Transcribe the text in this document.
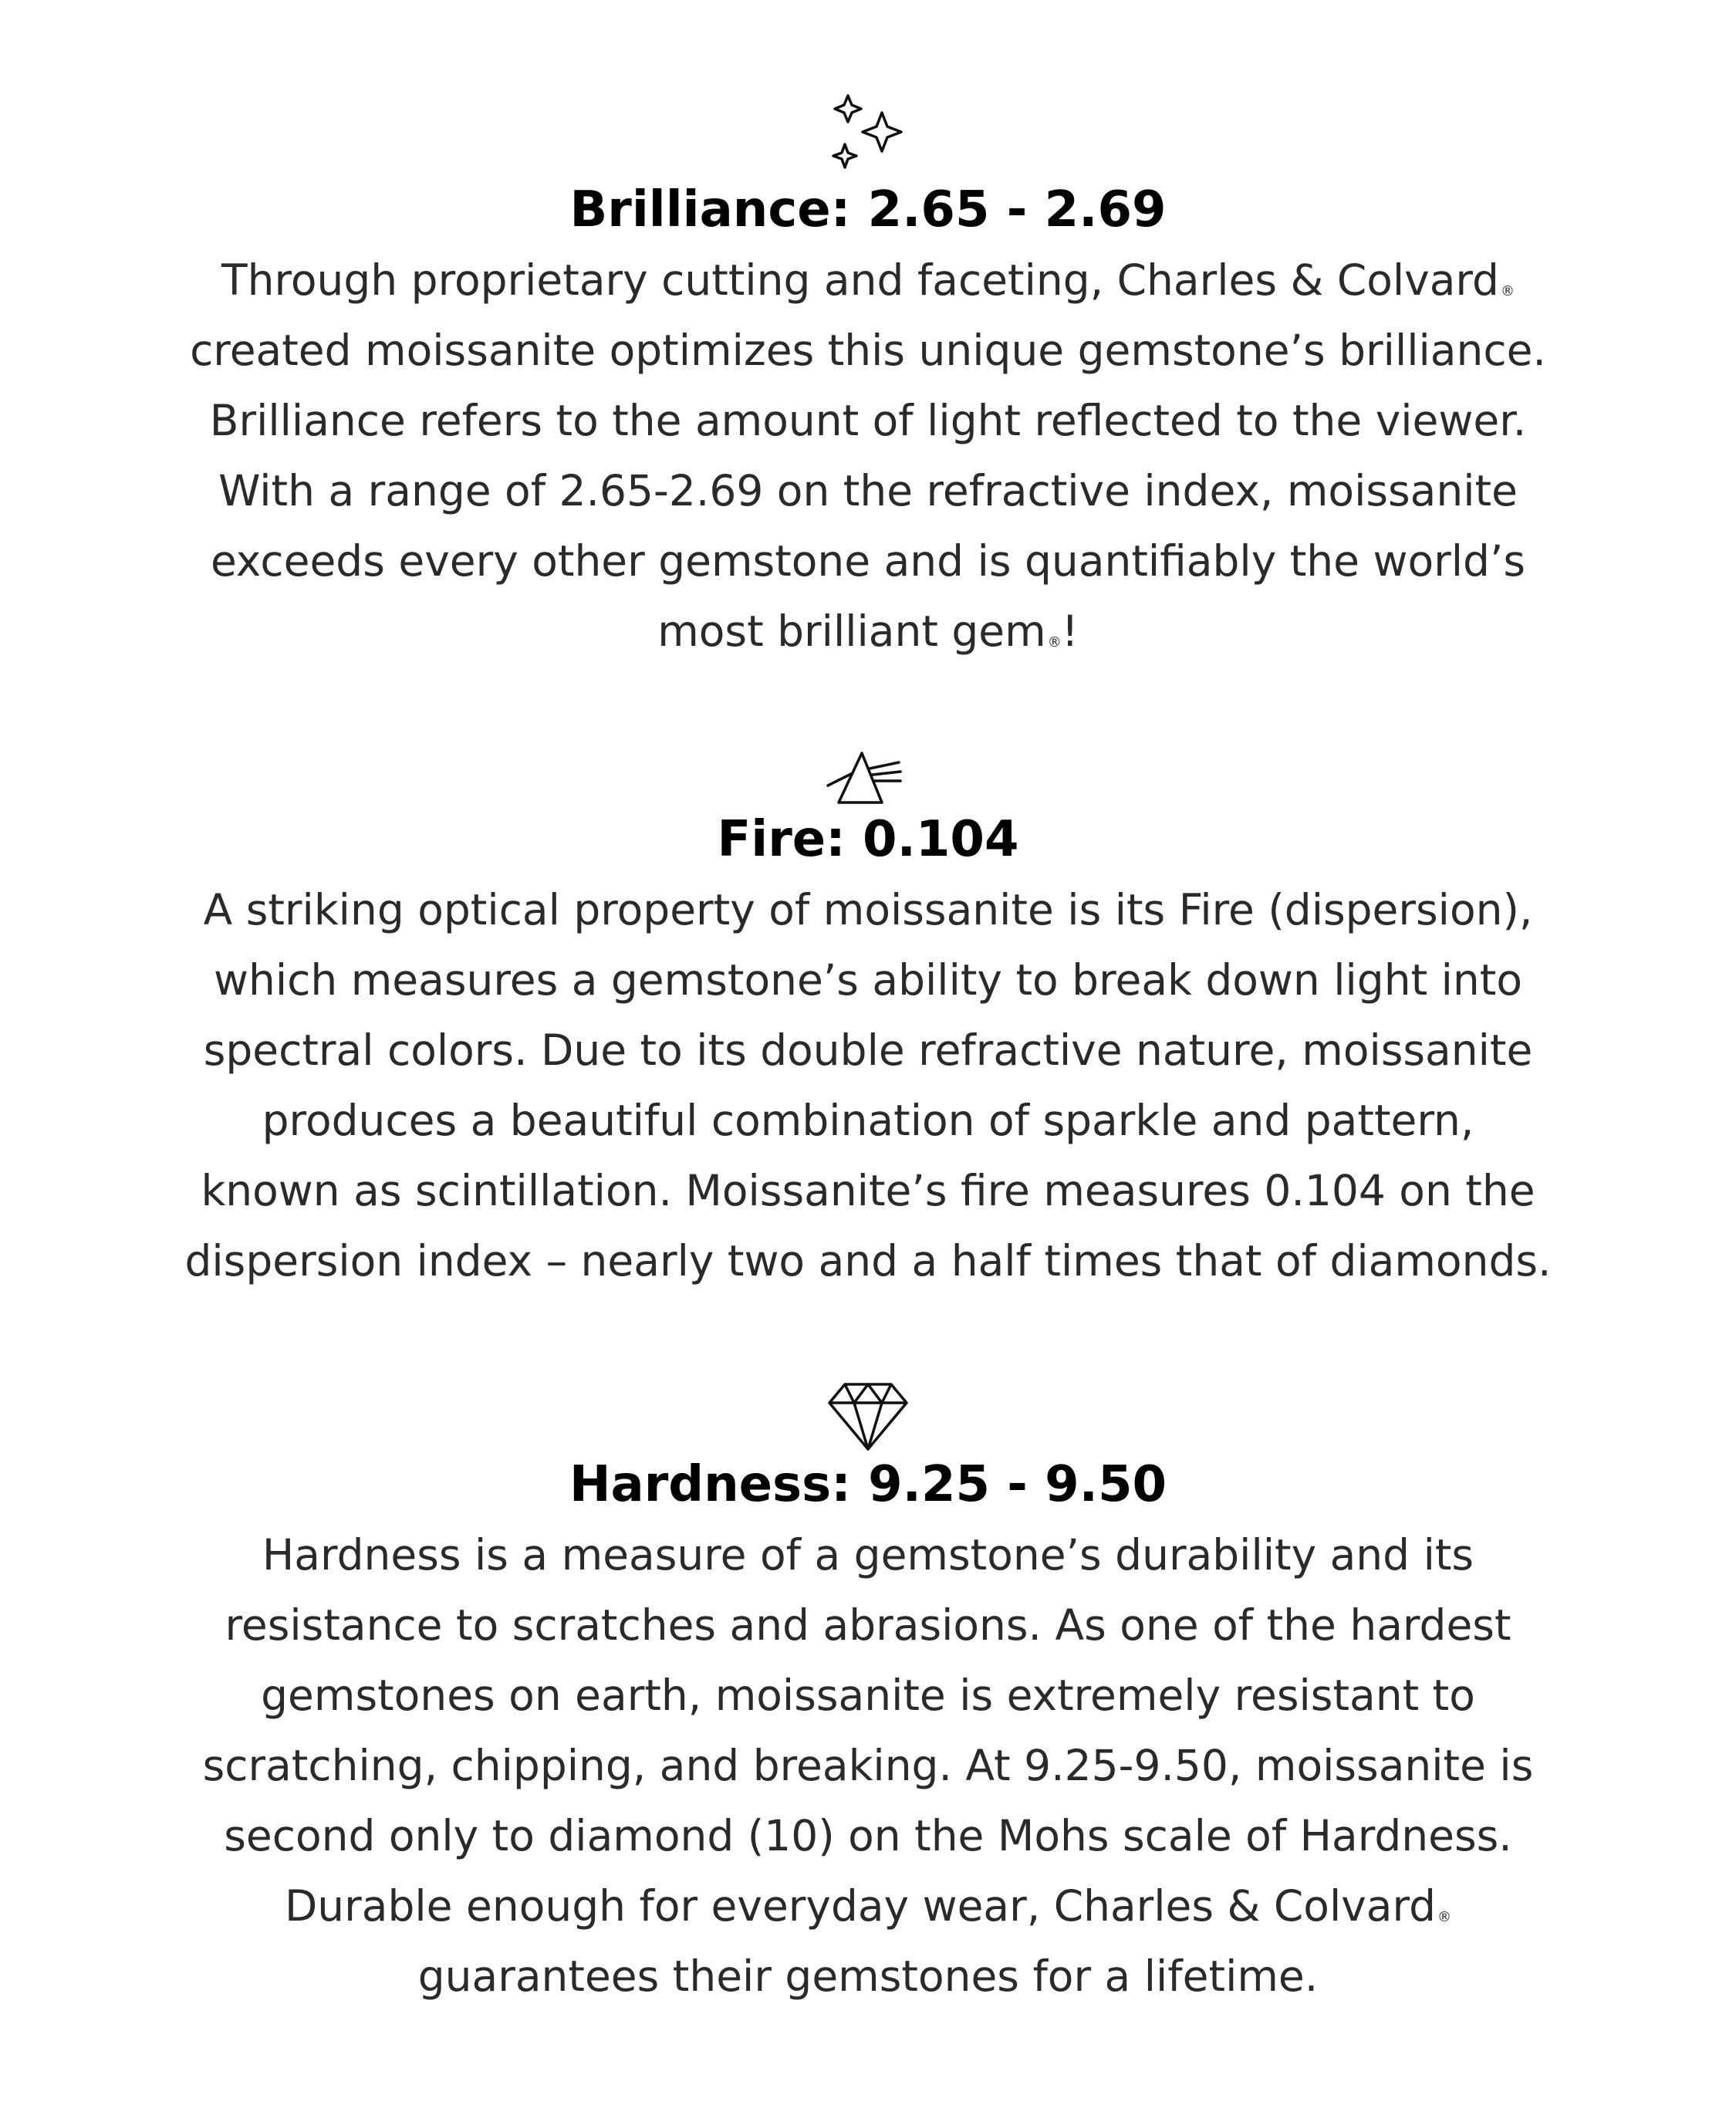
Brilliance: 2.65 - 2.69

Through proprietary cutting and faceting, Charles & Colvard ®
created moissanite optimizes this unique gemstone’s brilliance.
Brilliance refers to the amount of light reflected to the viewer.
With a range of 2.65-2.69 on the refractive index, moissanite
exceeds every other gemstone and is quantifiably the world’s
most brilliant gem ®!

Fire: 0.104

A striking optical property of moissanite is its Fire (dispersion),
which measures a gemstone’s ability to break down light into
spectral colors. Due to its double refractive nature, moissanite
produces a beautiful combination of sparkle and pattern,
known as scintillation. Moissanite’s fire measures 0.104 on the
dispersion index – nearly two and a half times that of diamonds.

Hardness: 9.25 - 9.50

Hardness is a measure of a gemstone’s durability and its
resistance to scratches and abrasions. As one of the hardest
gemstones on earth, moissanite is extremely resistant to
scratching, chipping, and breaking. At 9.25-9.50, moissanite is
second only to diamond (10) on the Mohs scale of Hardness.
Durable enough for everyday wear, Charles & Colvard ®
guarantees their gemstones for a lifetime.
